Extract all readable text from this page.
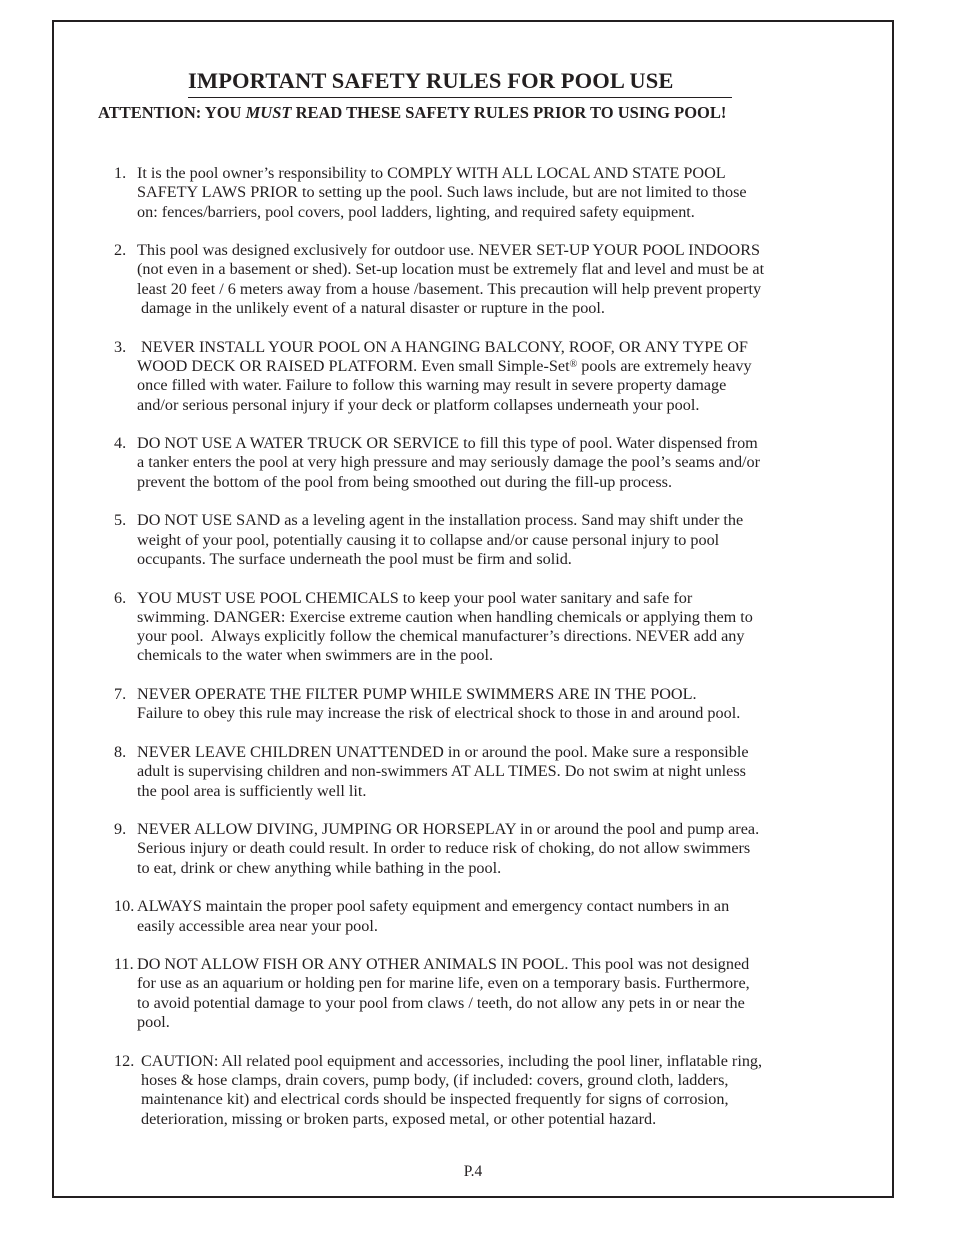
IMPORTANT SAFETY RULES FOR POOL USE
ATTENTION: YOU MUST READ THESE SAFETY RULES PRIOR TO USING POOL!
1. It is the pool owner’s responsibility to COMPLY WITH ALL LOCAL AND STATE POOL
SAFETY LAWS PRIOR to setting up the pool. Such laws include, but are not limited to those
on: fences/barriers, pool covers, pool ladders, lighting, and required safety equipment.
2. This pool was designed exclusively for outdoor use. NEVER SET-UP YOUR POOL INDOORS
(not even in a basement or shed). Set-up location must be extremely flat and level and must be at
least 20 feet / 6 meters away from a house /basement. This precaution will help prevent property
damage in the unlikely event of a natural disaster or rupture in the pool.
3. NEVER INSTALL YOUR POOL ON A HANGING BALCONY, ROOF, OR ANY TYPE OF
WOOD DECK OR RAISED PLATFORM. Even small Simple-Set® pools are extremely heavy
once filled with water. Failure to follow this warning may result in severe property damage
and/or serious personal injury if your deck or platform collapses underneath your pool.
4. DO NOT USE A WATER TRUCK OR SERVICE to fill this type of pool. Water dispensed from
a tanker enters the pool at very high pressure and may seriously damage the pool’s seams and/or
prevent the bottom of the pool from being smoothed out during the fill-up process.
5. DO NOT USE SAND as a leveling agent in the installation process. Sand may shift under the
weight of your pool, potentially causing it to collapse and/or cause personal injury to pool
occupants. The surface underneath the pool must be firm and solid.
6. YOU MUST USE POOL CHEMICALS to keep your pool water sanitary and safe for
swimming. DANGER: Exercise extreme caution when handling chemicals or applying them to
your pool.  Always explicitly follow the chemical manufacturer’s directions. NEVER add any
chemicals to the water when swimmers are in the pool.
7. NEVER OPERATE THE FILTER PUMP WHILE SWIMMERS ARE IN THE POOL.
Failure to obey this rule may increase the risk of electrical shock to those in and around pool.
8. NEVER LEAVE CHILDREN UNATTENDED in or around the pool. Make sure a responsible
adult is supervising children and non-swimmers AT ALL TIMES. Do not swim at night unless
the pool area is sufficiently well lit.
9. NEVER ALLOW DIVING, JUMPING OR HORSEPLAY in or around the pool and pump area.
Serious injury or death could result. In order to reduce risk of choking, do not allow swimmers
to eat, drink or chew anything while bathing in the pool.
10. ALWAYS maintain the proper pool safety equipment and emergency contact numbers in an
easily accessible area near your pool.
11. DO NOT ALLOW FISH OR ANY OTHER ANIMALS IN POOL. This pool was not designed
for use as an aquarium or holding pen for marine life, even on a temporary basis. Furthermore,
to avoid potential damage to your pool from claws / teeth, do not allow any pets in or near the
pool.
12. CAUTION: All related pool equipment and accessories, including the pool liner, inflatable ring,
hoses & hose clamps, drain covers, pump body, (if included: covers, ground cloth, ladders,
maintenance kit) and electrical cords should be inspected frequently for signs of corrosion,
deterioration, missing or broken parts, exposed metal, or other potential hazard.
P.4
